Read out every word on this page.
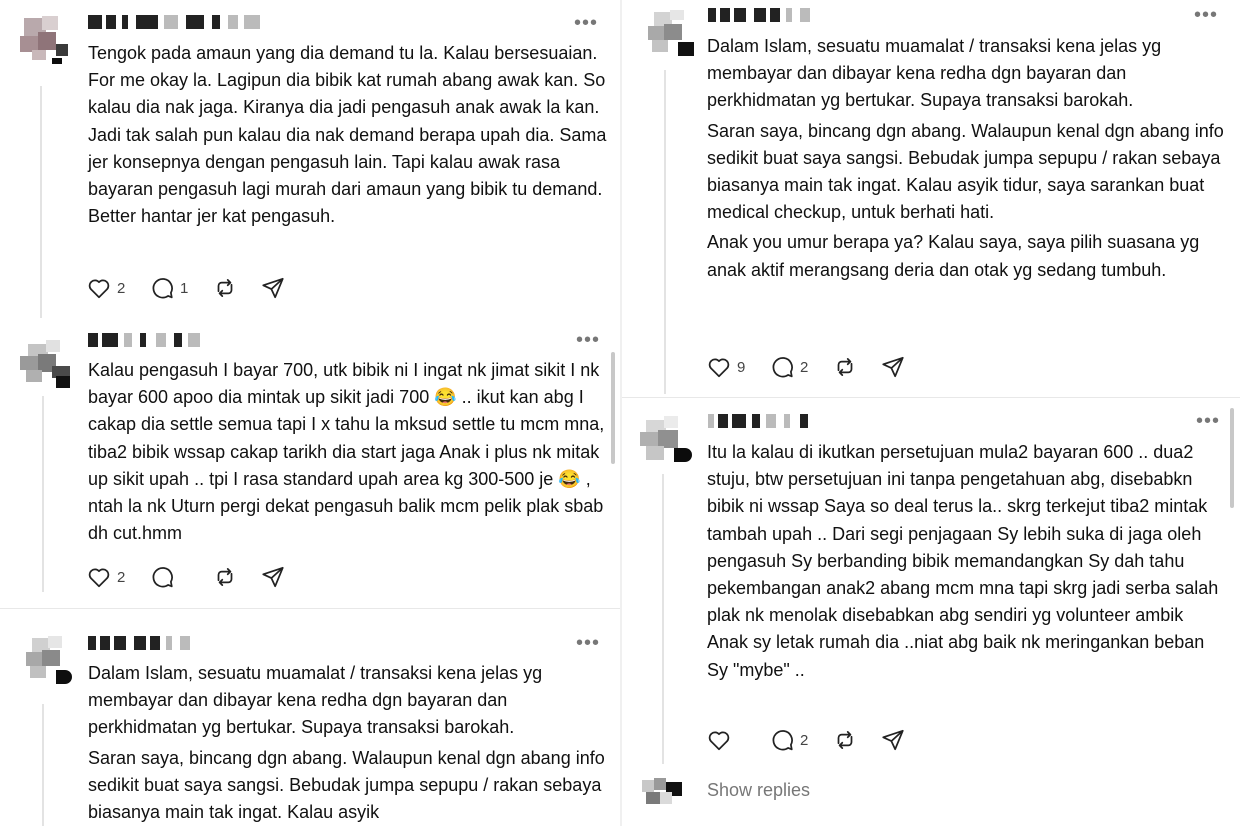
•••

Tengok pada amaun yang dia demand tu la. Kalau bersesuaian. For me okay la. Lagipun dia bibik kat rumah abang awak kan. So kalau dia nak jaga. Kiranya dia jadi pengasuh anak awak la kan. Jadi tak salah pun kalau dia nak demand berapa upah dia. Sama jer konsepnya dengan pengasuh lain. Tapi kalau awak rasa bayaran pengasuh lagi murah dari amaun yang bibik tu demand. Better hantar jer kat pengasuh.

2	1
•••

Kalau pengasuh I bayar 700, utk bibik ni I ingat nk jimat sikit I nk bayar 600 apoo dia mintak up sikit jadi 700 😂 .. ikut kan abg I cakap dia settle semua tapi I x tahu la mksud settle tu mcm mna, tiba2 bibik wssap cakap tarikh dia start jaga Anak i plus nk mitak up sikit upah .. tpi I rasa standard upah area kg 300-500 je 😂 , ntah la nk Uturn pergi dekat pengasuh balik mcm pelik plak sbab dh cut.hmm

2
•••

Dalam Islam, sesuatu muamalat / transaksi kena jelas yg membayar dan dibayar kena redha dgn bayaran dan perkhidmatan yg bertukar. Supaya transaksi barokah.

Saran saya, bincang dgn abang. Walaupun kenal dgn abang info sedikit buat saya sangsi. Bebudak jumpa sepupu / rakan sebaya biasanya main tak ingat. Kalau asyik

•••

Dalam Islam, sesuatu muamalat / transaksi kena jelas yg membayar dan dibayar kena redha dgn bayaran dan perkhidmatan yg bertukar. Supaya transaksi barokah.

Saran saya, bincang dgn abang. Walaupun kenal dgn abang info sedikit buat saya sangsi. Bebudak jumpa sepupu / rakan sebaya biasanya main tak ingat. Kalau asyik tidur, saya sarankan buat medical checkup, untuk berhati hati.

Anak you umur berapa ya? Kalau saya, saya pilih suasana yg anak aktif merangsang deria dan otak yg sedang tumbuh.

9	2
•••

Itu la kalau di ikutkan persetujuan mula2 bayaran 600 .. dua2 stuju, btw persetujuan ini tanpa pengetahuan abg, disebabkn bibik ni wssap Saya so deal terus la.. skrg terkejut tiba2 mintak tambah upah .. Dari segi penjagaan Sy lebih suka di jaga oleh pengasuh Sy berbanding bibik memandangkan Sy dah tahu pekembangan anak2 abang mcm mna tapi skrg jadi serba salah plak nk menolak disebabkan abg sendiri yg volunteer ambik Anak sy letak rumah dia ..niat abg baik nk meringankan beban Sy "mybe" ..

2
Show replies
